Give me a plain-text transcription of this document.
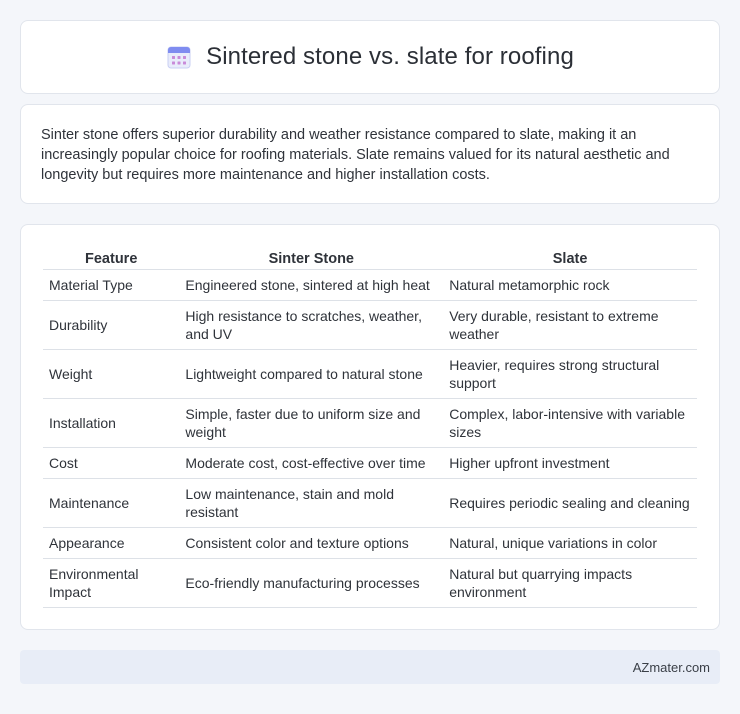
Sintered stone vs. slate for roofing

Sinter stone offers superior durability and weather resistance compared to slate, making it an increasingly popular choice for roofing materials. Slate remains valued for its natural aesthetic and longevity but requires more maintenance and higher installation costs.

Feature	Sinter Stone	Slate
Material Type	Engineered stone, sintered at high heat	Natural metamorphic rock
Durability	High resistance to scratches, weather, and UV	Very durable, resistant to extreme weather
Weight	Lightweight compared to natural stone	Heavier, requires strong structural support
Installation	Simple, faster due to uniform size and weight	Complex, labor-intensive with variable sizes
Cost	Moderate cost, cost-effective over time	Higher upfront investment
Maintenance	Low maintenance, stain and mold resistant	Requires periodic sealing and cleaning
Appearance	Consistent color and texture options	Natural, unique variations in color
Environmental Impact	Eco-friendly manufacturing processes	Natural but quarrying impacts environment
AZmater.com
